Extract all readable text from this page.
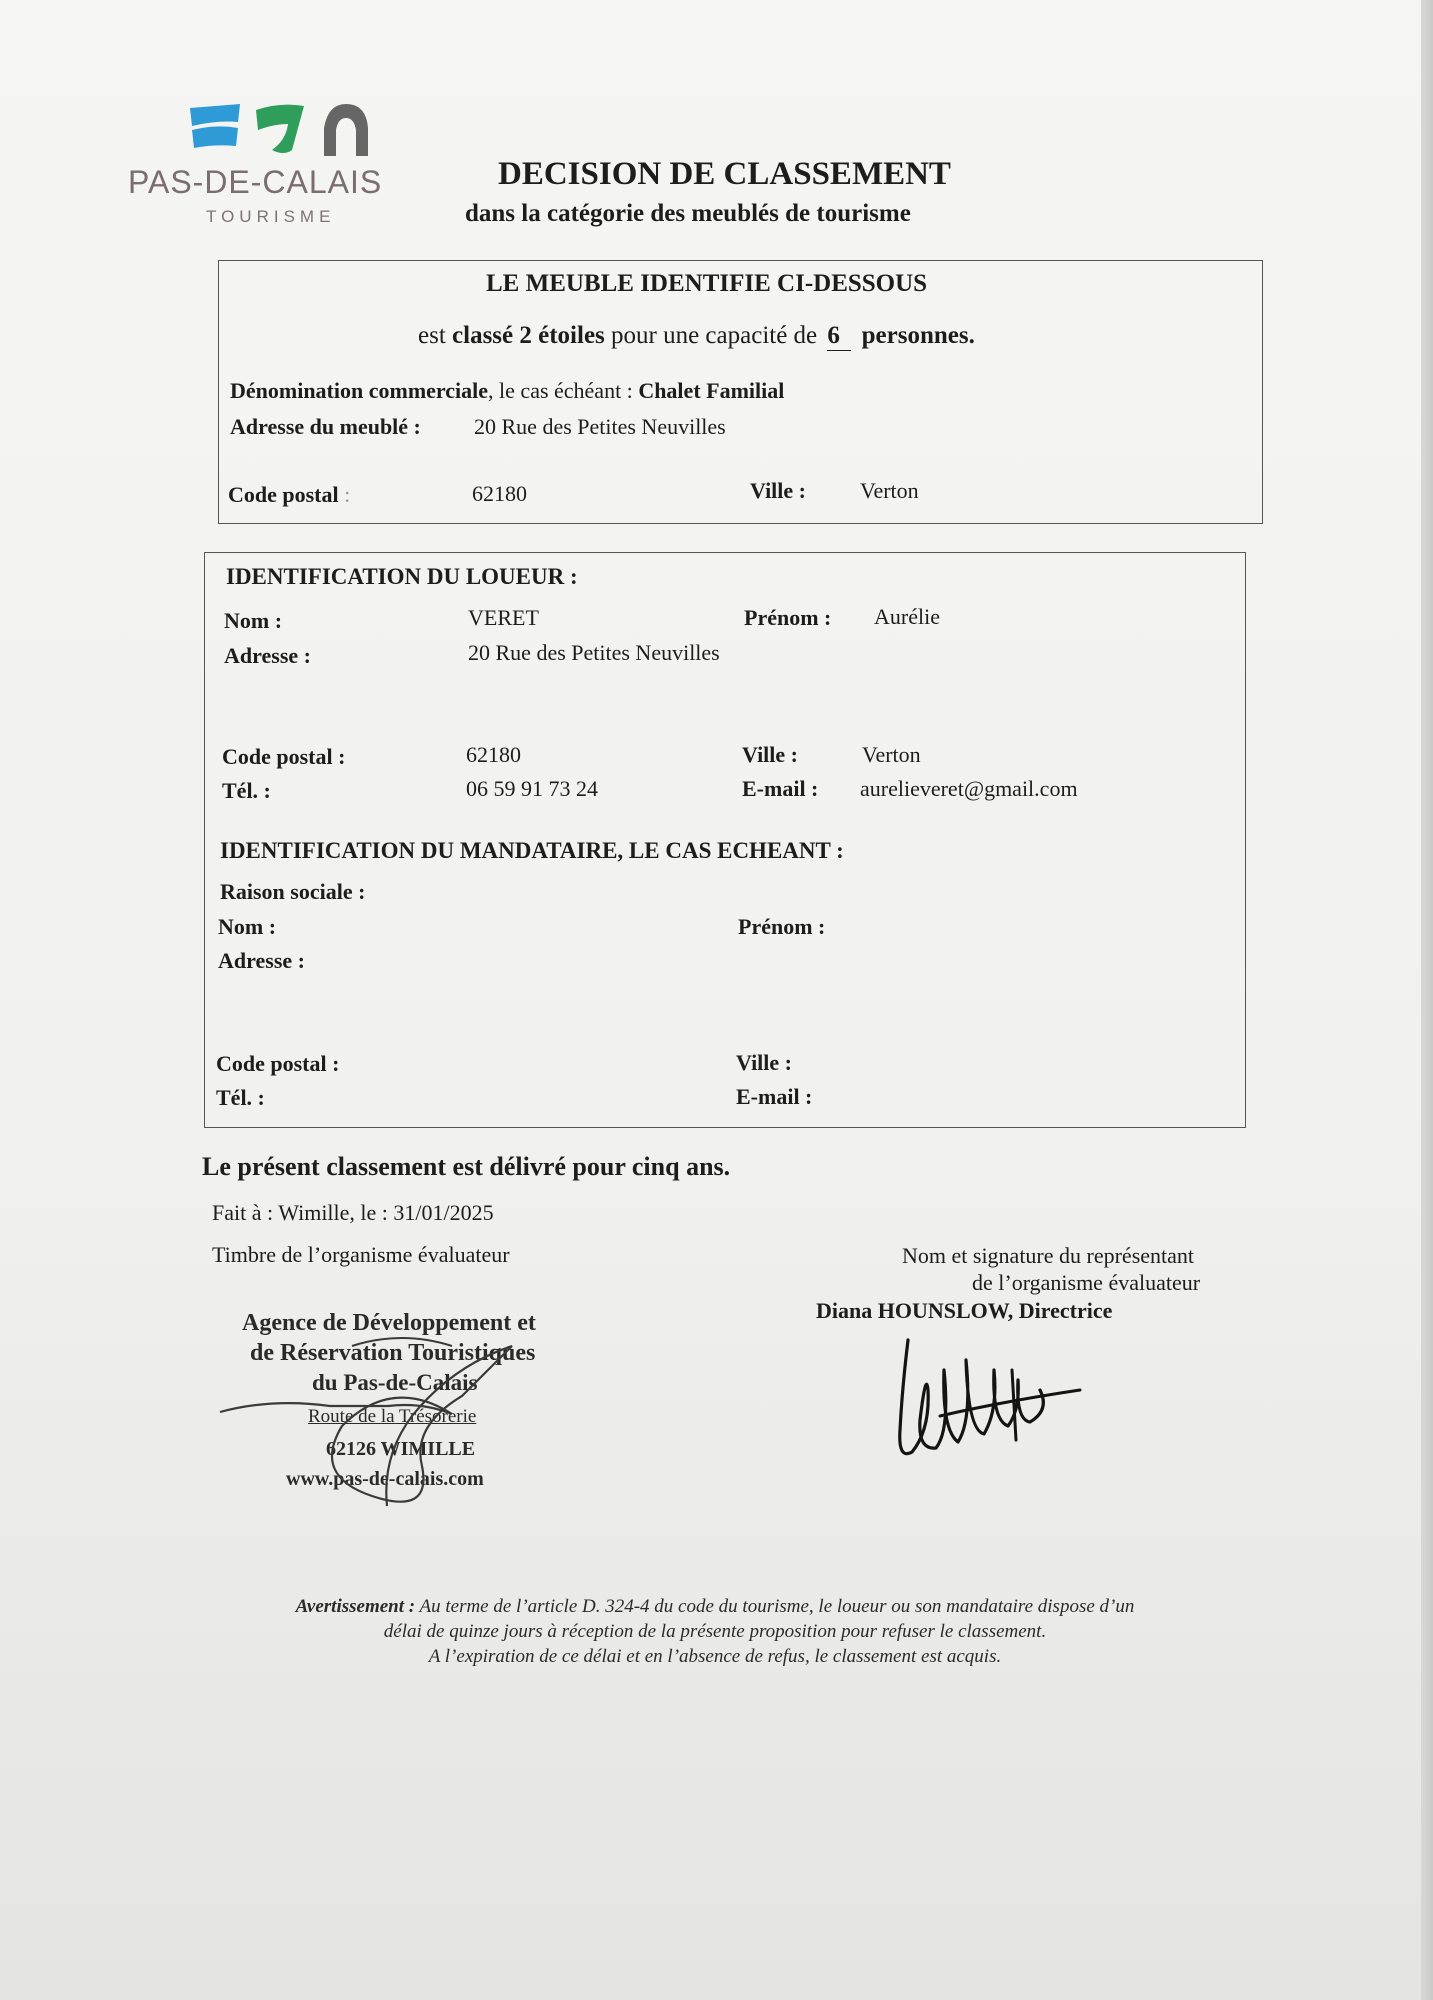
PAS-DE-CALAIS
TOURISME
DECISION DE CLASSEMENT
dans la catégorie des meublés de tourisme
LE MEUBLE IDENTIFIE CI-DESSOUS
est classé 2 étoiles pour une capacité de 6 personnes.
Dénomination commerciale, le cas échéant : Chalet Familial
Adresse du meublé : 20 Rue des Petites Neuvilles
Code postal :	62180	Ville : Verton
IDENTIFICATION DU LOUEUR :
Nom :	VERET	Prénom : Aurélie
Adresse :	20 Rue des Petites Neuvilles
Code postal :	62180	Ville :	Verton
Tél. :	06 59 91 73 24	E-mail : aurelieveret@gmail.com
IDENTIFICATION DU MANDATAIRE, LE CAS ECHEANT :
Raison sociale :
Nom :	Prénom :
Adresse :
Code postal :	Ville :
Tél. :	E-mail :
Le présent classement est délivré pour cinq ans.
Fait à : Wimille, le : 31/01/2025
Timbre de l’organisme évaluateur	Nom et signature du représentant
de l’organisme évaluateur
Diana HOUNSLOW, Directrice
Agence de Développement et
de Réservation Touristiques
du Pas-de-Calais
Route de la Trésorerie
62126 WIMILLE
www.pas-de-calais.com
Avertissement : Au terme de l’article D. 324-4 du code du tourisme, le loueur ou son mandataire dispose d’un
délai de quinze jours à réception de la présente proposition pour refuser le classement.
A l’expiration de ce délai et en l’absence de refus, le classement est acquis.
